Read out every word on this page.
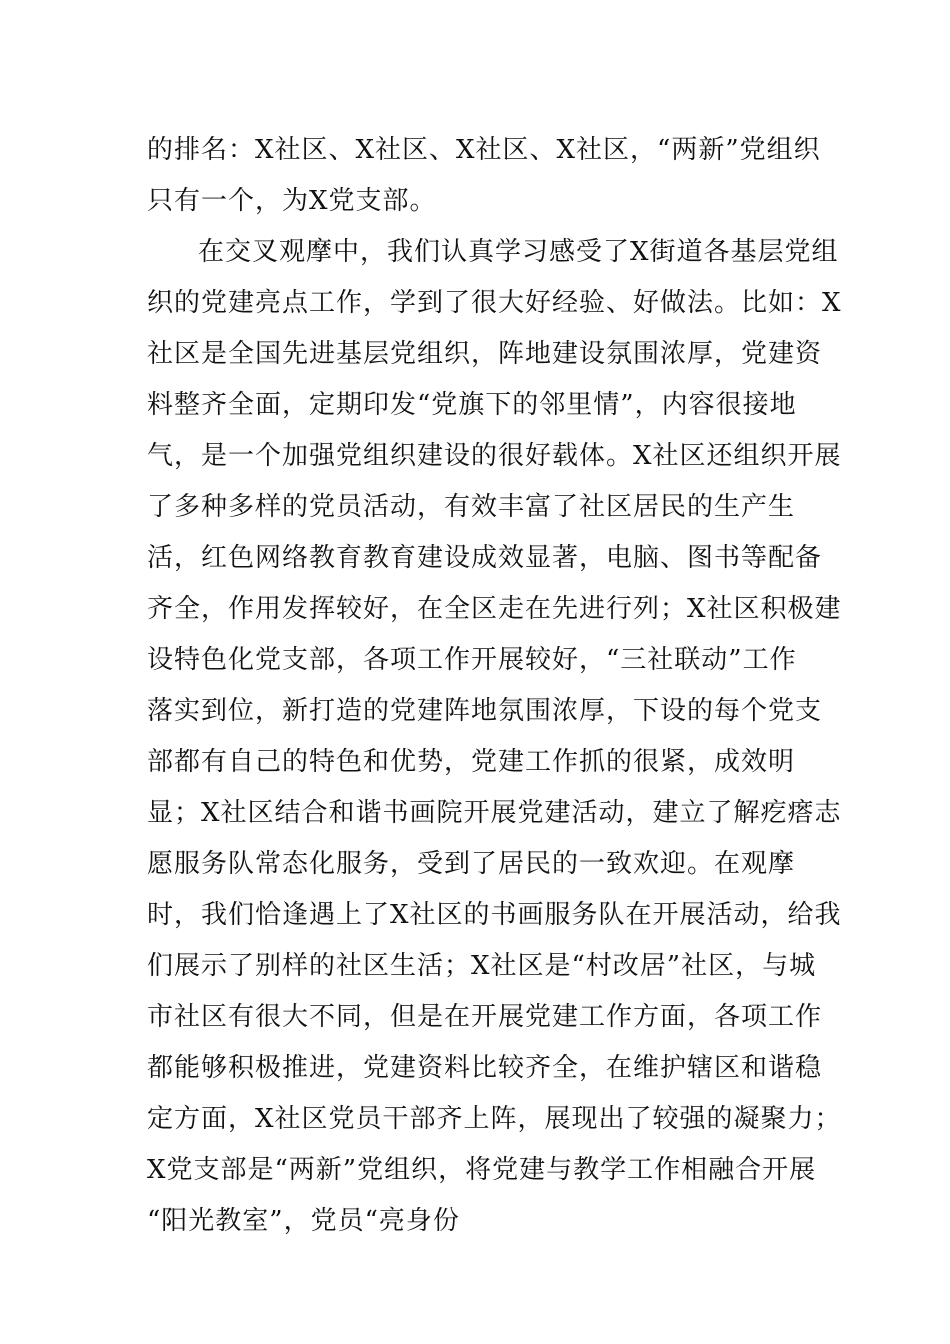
的排名：X社区、X社区、X社区、X社区，“两新”党组织
只有一个，为X党支部。
在交叉观摩中，我们认真学习感受了X街道各基层党组
织的党建亮点工作，学到了很大好经验、好做法。比如：X
社区是全国先进基层党组织，阵地建设氛围浓厚，党建资
料整齐全面，定期印发“党旗下的邻里情”，内容很接地
气，是一个加强党组织建设的很好载体。X社区还组织开展
了多种多样的党员活动，有效丰富了社区居民的生产生
活，红色网络教育教育建设成效显著，电脑、图书等配备
齐全，作用发挥较好，在全区走在先进行列；X社区积极建
设特色化党支部，各项工作开展较好，“三社联动”工作
落实到位，新打造的党建阵地氛围浓厚，下设的每个党支
部都有自己的特色和优势，党建工作抓的很紧，成效明
显；X社区结合和谐书画院开展党建活动，建立了解疙瘩志
愿服务队常态化服务，受到了居民的一致欢迎。在观摩
时，我们恰逢遇上了X社区的书画服务队在开展活动，给我
们展示了别样的社区生活；X社区是“村改居”社区，与城
市社区有很大不同，但是在开展党建工作方面，各项工作
都能够积极推进，党建资料比较齐全，在维护辖区和谐稳
定方面，X社区党员干部齐上阵，展现出了较强的凝聚力；
X党支部是“两新”党组织，将党建与教学工作相融合开展
“阳光教室”，党员“亮身份
